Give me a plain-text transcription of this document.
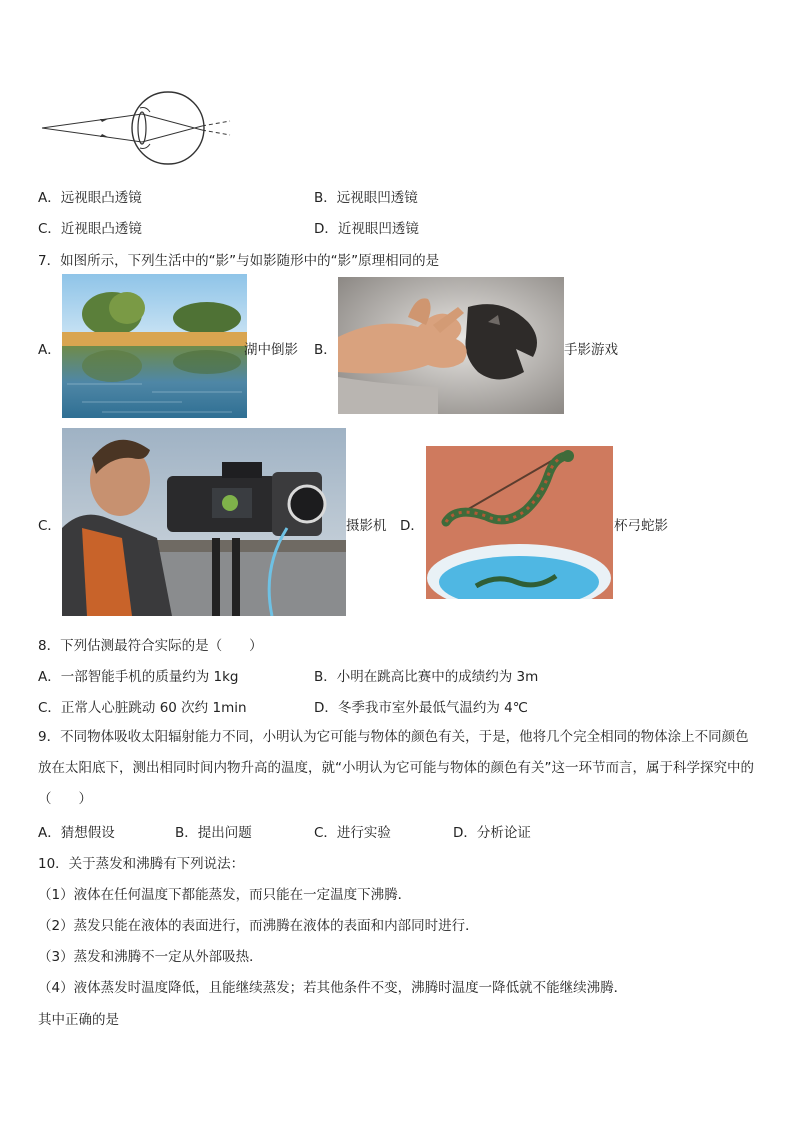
A．远视眼凸透镜	B．远视眼凹透镜
C．近视眼凸透镜	D．近视眼凹透镜
7．如图所示，下列生活中的“影”与如影随形中的“影”原理相同的是
A．	湖中倒影 B．	手影游戏
C．	摄影机 D．	杯弓蛇影
8．下列估测最符合实际的是（　　）
A．一部智能手机的质量约为 1kg	B．小明在跳高比赛中的成绩约为 3m
C．正常人心脏跳动 60 次约 1min	D．冬季我市室外最低气温约为 4℃
9．不同物体吸收太阳辐射能力不同，小明认为它可能与物体的颜色有关，于是，他将几个完全相同的物体涂上不同颜色放在太阳底下，测出相同时间内物升高的温度，就“小明认为它可能与物体的颜色有关”这一环节而言，属于科学探究中的（　　）
A．猜想假设	B．提出问题	C．进行实验	D．分析论证
10．关于蒸发和沸腾有下列说法：
（1）液体在任何温度下都能蒸发，而只能在一定温度下沸腾．
（2）蒸发只能在液体的表面进行，而沸腾在液体的表面和内部同时进行．
（3）蒸发和沸腾不一定从外部吸热．
（4）液体蒸发时温度降低，且能继续蒸发；若其他条件不变，沸腾时温度一降低就不能继续沸腾．
其中正确的是
